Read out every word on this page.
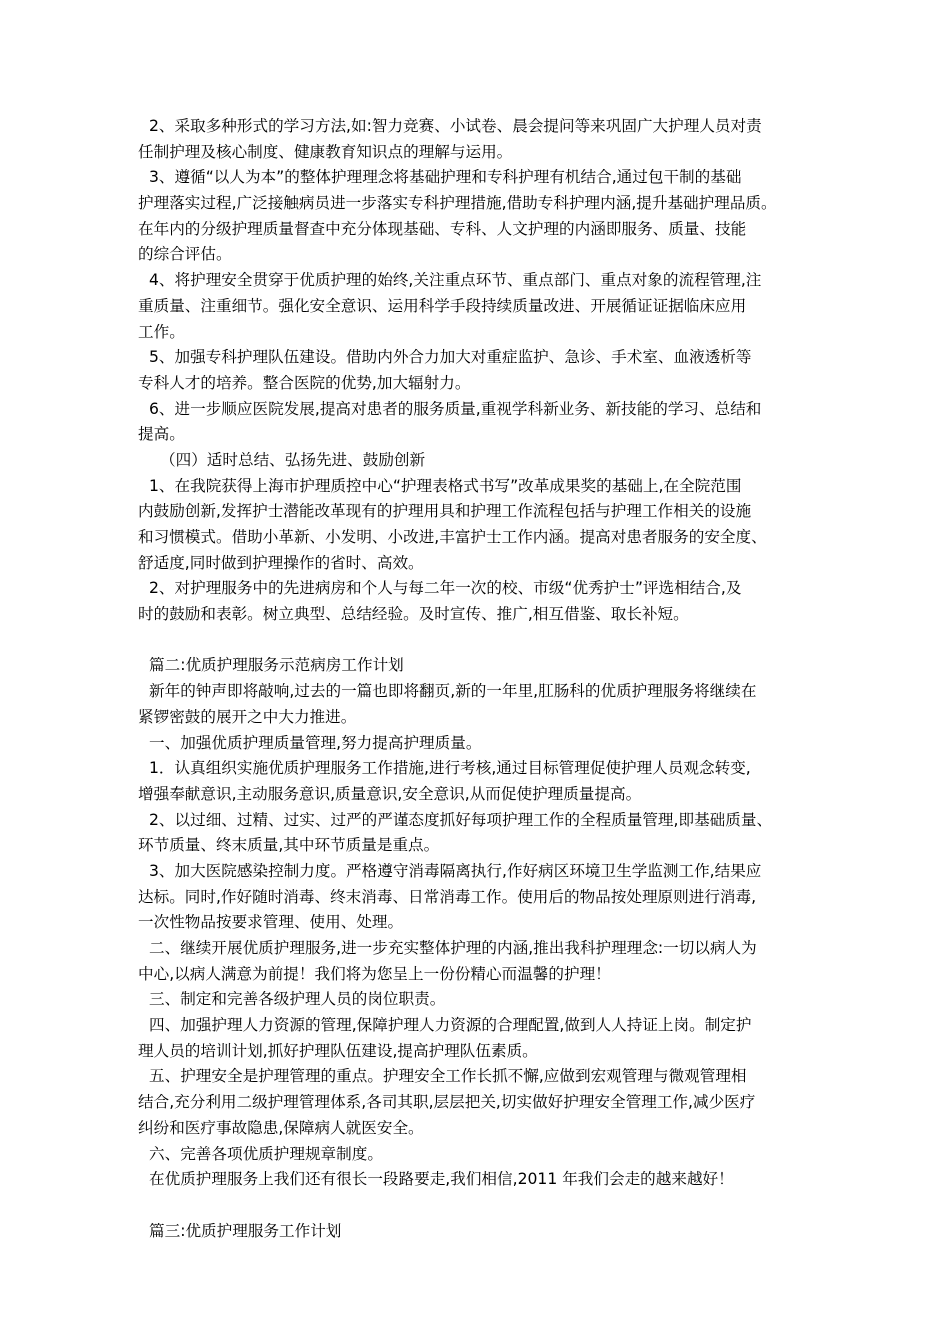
2、采取多种形式的学习方法,如:智力竞赛、小试卷、晨会提问等来巩固广大护理人员对责
任制护理及核心制度、健康教育知识点的理解与运用。
3、遵循“以人为本”的整体护理理念将基础护理和专科护理有机结合,通过包干制的基础
护理落实过程,广泛接触病员进一步落实专科护理措施,借助专科护理内涵,提升基础护理品质。
在年内的分级护理质量督查中充分体现基础、专科、人文护理的内涵即服务、质量、技能
的综合评估。
4、将护理安全贯穿于优质护理的始终,关注重点环节、重点部门、重点对象的流程管理,注
重质量、注重细节。强化安全意识、运用科学手段持续质量改进、开展循证证据临床应用
工作。
5、加强专科护理队伍建设。借助内外合力加大对重症监护、急诊、手术室、血液透析等
专科人才的培养。整合医院的优势,加大辐射力。
6、进一步顺应医院发展,提高对患者的服务质量,重视学科新业务、新技能的学习、总结和
提高。
（四）适时总结、弘扬先进、鼓励创新
1、在我院获得上海市护理质控中心“护理表格式书写”改革成果奖的基础上,在全院范围
内鼓励创新,发挥护士潜能改革现有的护理用具和护理工作流程包括与护理工作相关的设施
和习惯模式。借助小革新、小发明、小改进,丰富护士工作内涵。提高对患者服务的安全度、
舒适度,同时做到护理操作的省时、高效。
2、对护理服务中的先进病房和个人与每二年一次的校、市级“优秀护士”评选相结合,及
时的鼓励和表彰。树立典型、总结经验。及时宣传、推广,相互借鉴、取长补短。
篇二:优质护理服务示范病房工作计划
新年的钟声即将敲响,过去的一篇也即将翻页,新的一年里,肛肠科的优质护理服务将继续在
紧锣密鼓的展开之中大力推进。
一、加强优质护理质量管理,努力提高护理质量。
1．认真组织实施优质护理服务工作措施,进行考核,通过目标管理促使护理人员观念转变,
增强奉献意识,主动服务意识,质量意识,安全意识,从而促使护理质量提高。
2、以过细、过精、过实、过严的严谨态度抓好每项护理工作的全程质量管理,即基础质量、
环节质量、终末质量,其中环节质量是重点。
3、加大医院感染控制力度。严格遵守消毒隔离执行,作好病区环境卫生学监测工作,结果应
达标。同时,作好随时消毒、终末消毒、日常消毒工作。使用后的物品按处理原则进行消毒,
一次性物品按要求管理、使用、处理。
二、继续开展优质护理服务,进一步充实整体护理的内涵,推出我科护理理念:一切以病人为
中心,以病人满意为前提！我们将为您呈上一份份精心而温馨的护理！
三、制定和完善各级护理人员的岗位职责。
四、加强护理人力资源的管理,保障护理人力资源的合理配置,做到人人持证上岗。制定护
理人员的培训计划,抓好护理队伍建设,提高护理队伍素质。
五、护理安全是护理管理的重点。护理安全工作长抓不懈,应做到宏观管理与微观管理相
结合,充分利用二级护理管理体系,各司其职,层层把关,切实做好护理安全管理工作,减少医疗
纠纷和医疗事故隐患,保障病人就医安全。
六、完善各项优质护理规章制度。
在优质护理服务上我们还有很长一段路要走,我们相信,2011 年我们会走的越来越好！
篇三:优质护理服务工作计划
